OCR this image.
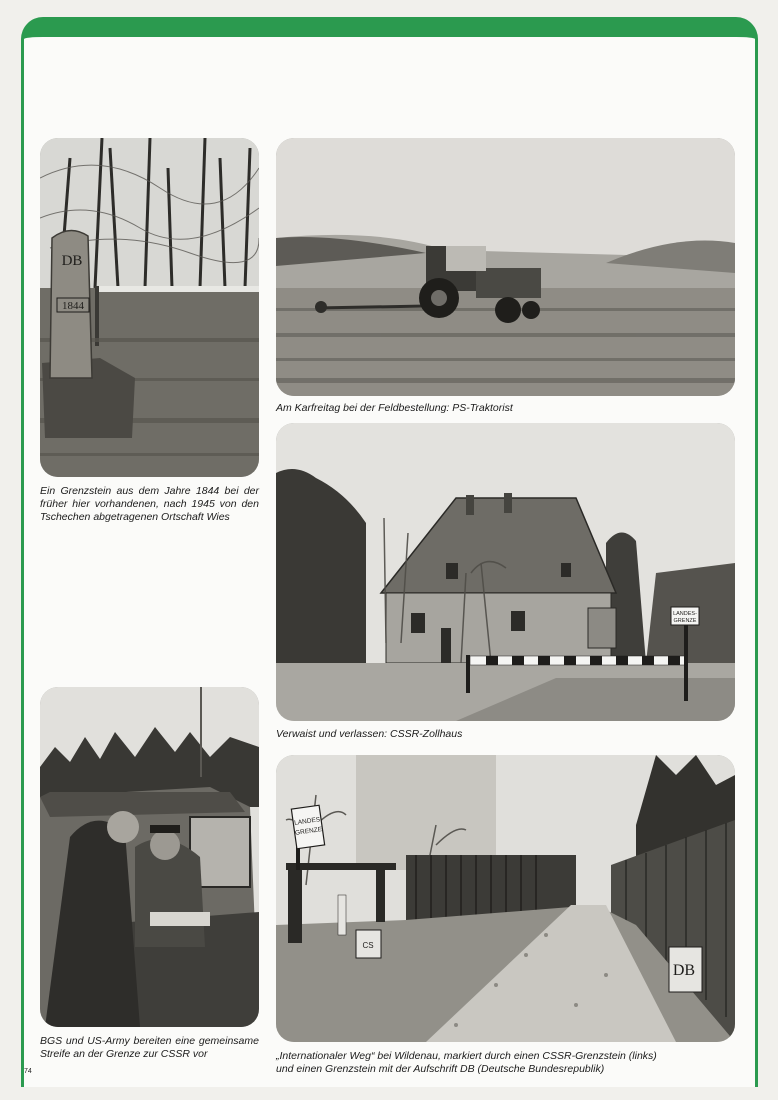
DB
1844
Ein Grenzstein aus dem Jahre 1844 bei der früher hier vorhandenen, nach 1945 von den Tschechen abgetragenen Ortschaft Wies
Am Karfreitag bei der Feldbestellung: PS-Traktorist
LANDES-
GRENZE
Verwaist und verlassen: CSSR-Zollhaus
BGS und US-Army bereiten eine gemeinsame Streife an der Grenze zur CSSR vor
LANDES
GRENZE
CS
DB
„Internationaler Weg“ bei Wildenau, markiert durch einen CSSR-Grenzstein (links)
und einen Grenzstein mit der Aufschrift DB (Deutsche Bundesrepublik)
74
